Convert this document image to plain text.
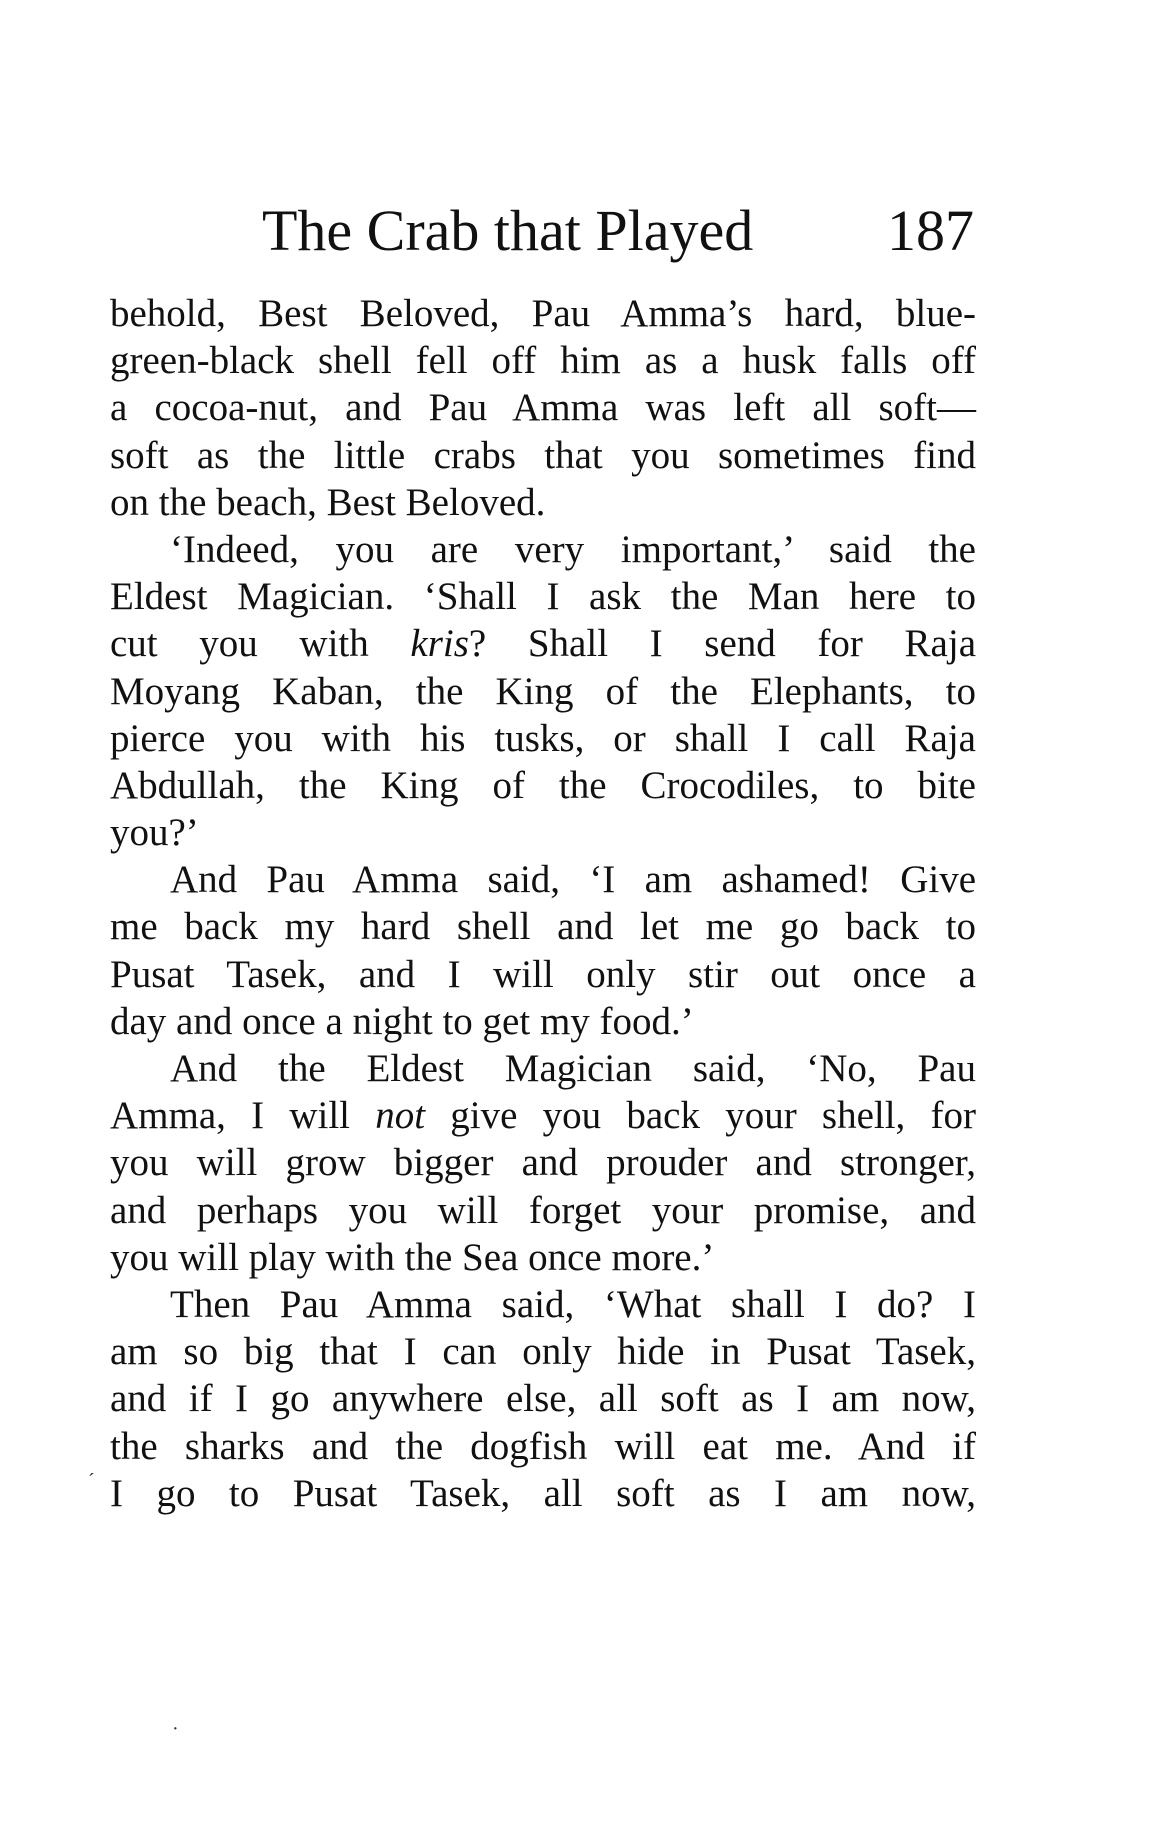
The Crab that Played 187
behold, Best Beloved, Pau Amma’s hard, blue-
green-black shell fell off him as a husk falls off
a cocoa-nut, and Pau Amma was left all soft—
soft as the little crabs that you sometimes find
on the beach, Best Beloved.
‘Indeed, you are very important,’ said the
Eldest Magician. ‘Shall I ask the Man here to
cut you with kris? Shall I send for Raja
Moyang Kaban, the King of the Elephants, to
pierce you with his tusks, or shall I call Raja
Abdullah, the King of the Crocodiles, to bite
you?’
And Pau Amma said, ‘I am ashamed! Give
me back my hard shell and let me go back to
Pusat Tasek, and I will only stir out once a
day and once a night to get my food.’
And the Eldest Magician said, ‘No, Pau
Amma, I will not give you back your shell, for
you will grow bigger and prouder and stronger,
and perhaps you will forget your promise, and
you will play with the Sea once more.’
Then Pau Amma said, ‘What shall I do? I
am so big that I can only hide in Pusat Tasek,
and if I go anywhere else, all soft as I am now,
the sharks and the dogfish will eat me. And if
I go to Pusat Tasek, all soft as I am now,
ˊ
·
